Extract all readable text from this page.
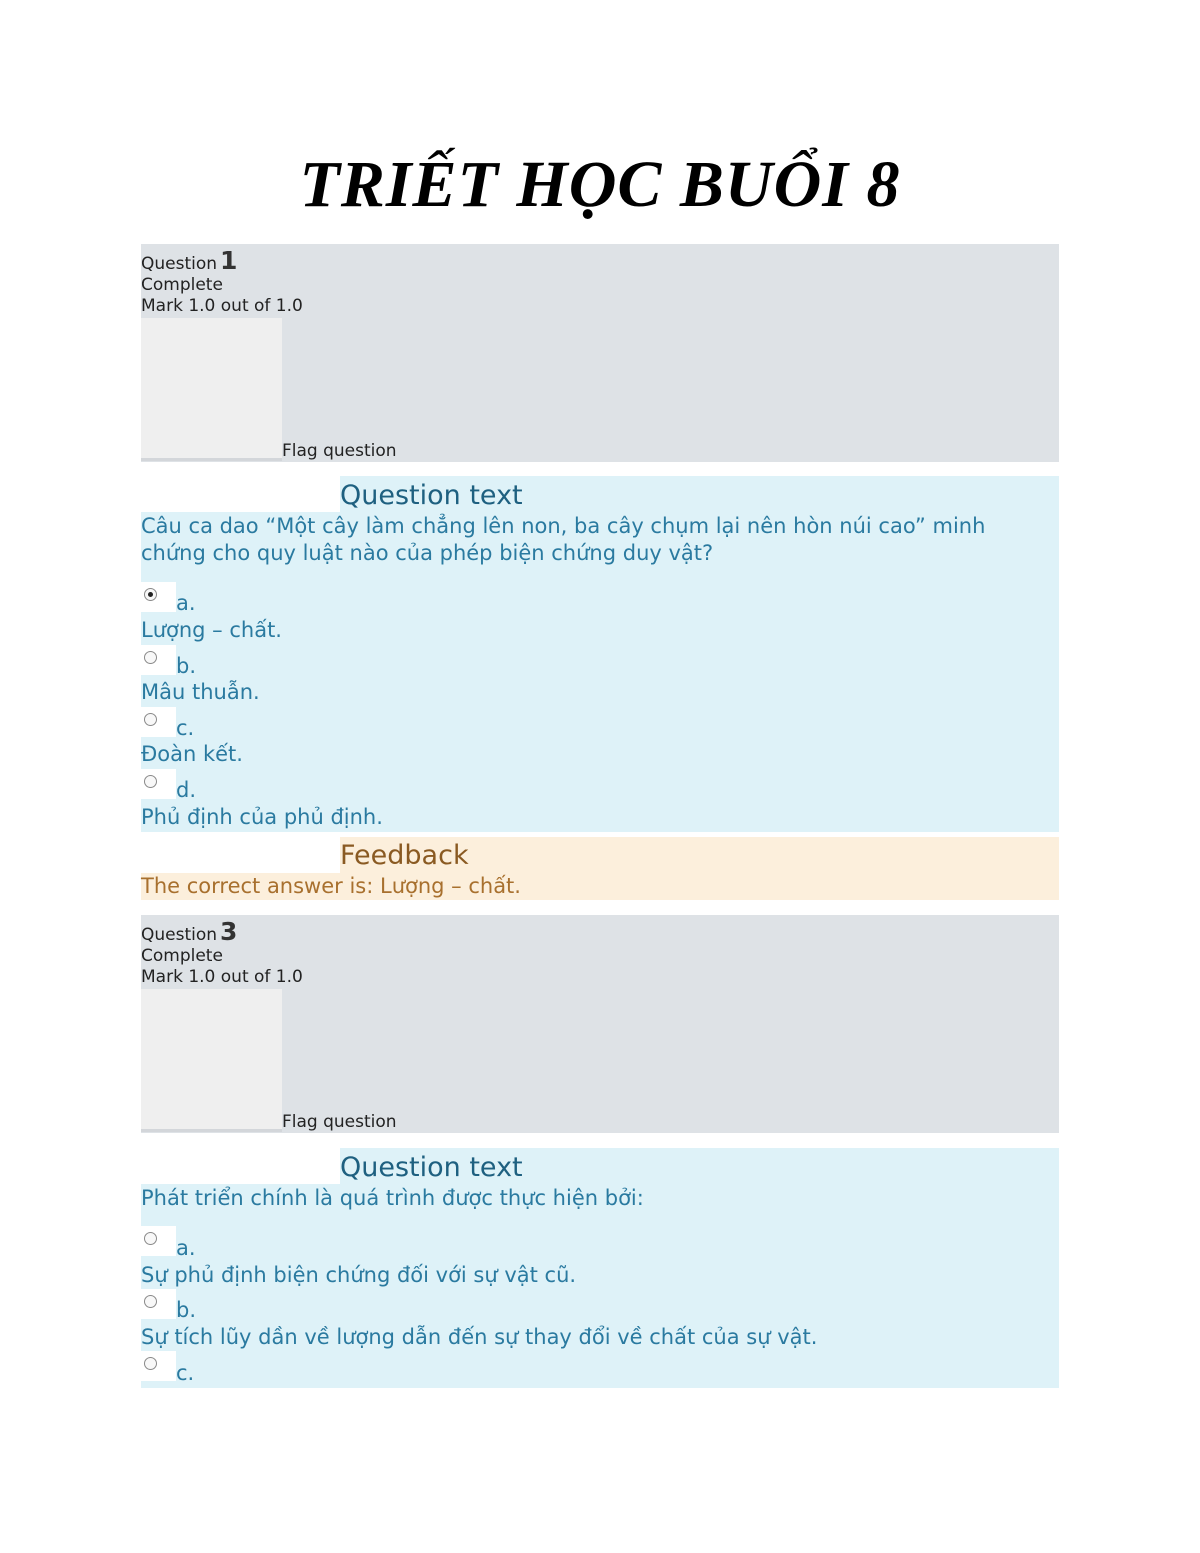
TRIẾT HỌC BUỔI 8
Question 1
Complete
Mark 1.0 out of 1.0
Flag question
Question text
Câu ca dao “Một cây làm chẳng lên non, ba cây chụm lại nên hòn núi cao” minh
chứng cho quy luật nào của phép biện chứng duy vật?
a.
Lượng – chất.
b.
Mâu thuẫn.
c.
Đoàn kết.
d.
Phủ định của phủ định.
Feedback
The correct answer is: Lượng – chất.
Question 3
Complete
Mark 1.0 out of 1.0
Flag question
Question text
Phát triển chính là quá trình được thực hiện bởi:
a.
Sự phủ định biện chứng đối với sự vật cũ.
b.
Sự tích lũy dần về lượng dẫn đến sự thay đổi về chất của sự vật.
c.
